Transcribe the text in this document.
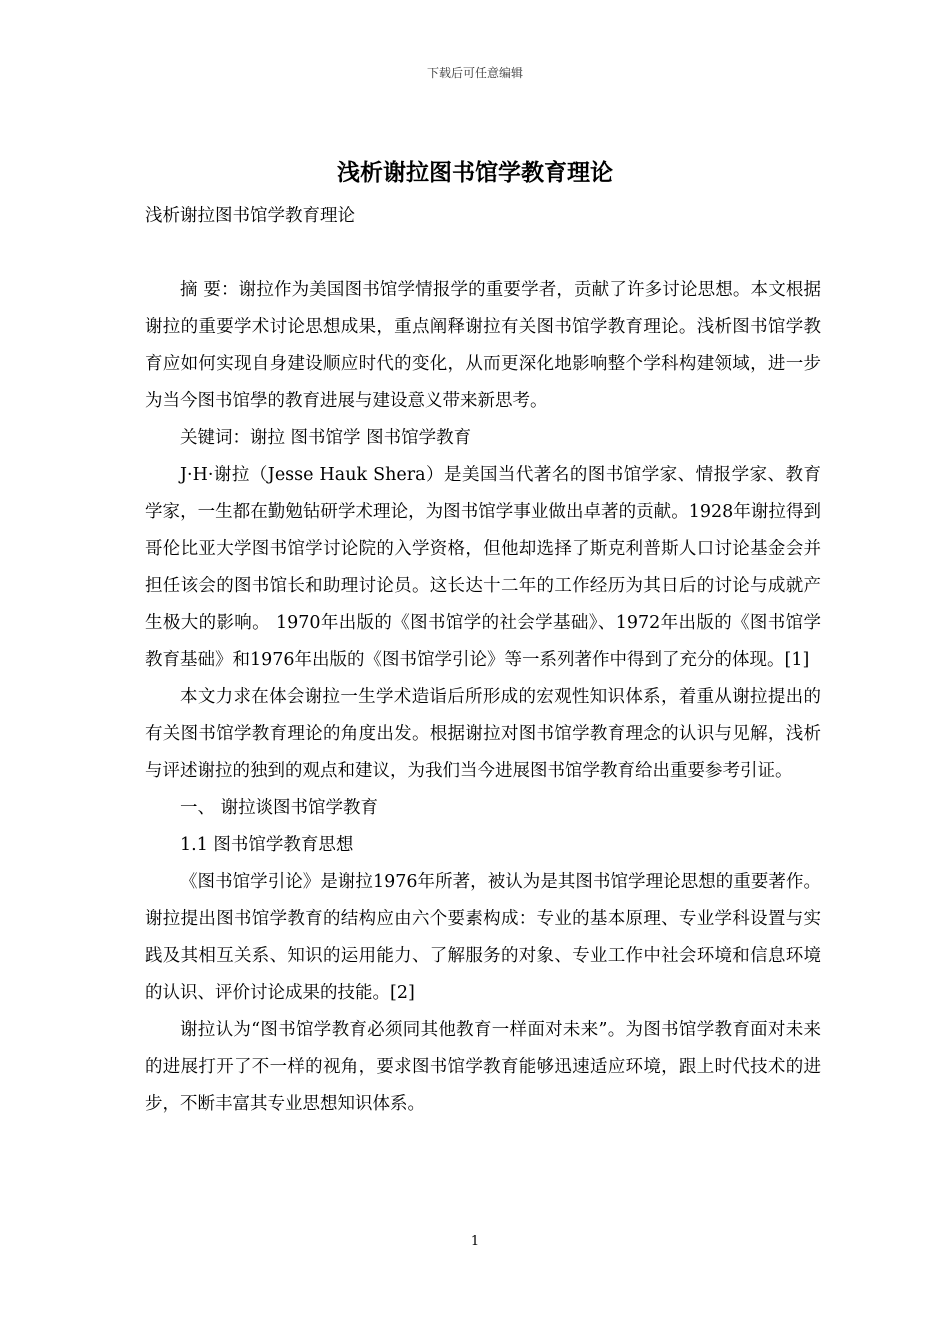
下载后可任意编辑
浅析谢拉图书馆学教育理论

浅析谢拉图书馆学教育理论

摘 要：谢拉作为美国图书馆学情报学的重要学者，贡献了许多讨论思想。本文根据谢拉的重要学术讨论思想成果，重点阐释谢拉有关图书馆学教育理论。浅析图书馆学教育应如何实现自身建设顺应时代的变化，从而更深化地影响整个学科构建领域，进一步为当今图书馆學的教育进展与建设意义带来新思考。

关键词：谢拉 图书馆学 图书馆学教育

J·H·谢拉（Jesse Hauk Shera）是美国当代著名的图书馆学家、情报学家、教育学家，一生都在勤勉钻研学术理论，为图书馆学事业做出卓著的贡献。1928年谢拉得到哥伦比亚大学图书馆学讨论院的入学资格，但他却选择了斯克利普斯人口讨论基金会并担任该会的图书馆长和助理讨论员。这长达十二年的工作经历为其日后的讨论与成就产生极大的影响。 1970年出版的《图书馆学的社会学基础》、1972年出版的《图书馆学教育基础》和1976年出版的《图书馆学引论》等一系列著作中得到了充分的体现。[1]

本文力求在体会谢拉一生学术造诣后所形成的宏观性知识体系，着重从谢拉提出的有关图书馆学教育理论的角度出发。根据谢拉对图书馆学教育理念的认识与见解，浅析与评述谢拉的独到的观点和建议，为我们当今进展图书馆学教育给出重要参考引证。

一、 谢拉谈图书馆学教育

1.1 图书馆学教育思想

《图书馆学引论》是谢拉1976年所著，被认为是其图书馆学理论思想的重要著作。谢拉提出图书馆学教育的结构应由六个要素构成：专业的基本原理、专业学科设置与实践及其相互关系、知识的运用能力、了解服务的对象、专业工作中社会环境和信息环境的认识、评价讨论成果的技能。[2]

谢拉认为“图书馆学教育必须同其他教育一样面对未来”。为图书馆学教育面对未来的进展打开了不一样的视角，要求图书馆学教育能够迅速适应环境，跟上时代技术的进步，不断丰富其专业思想知识体系。

1
